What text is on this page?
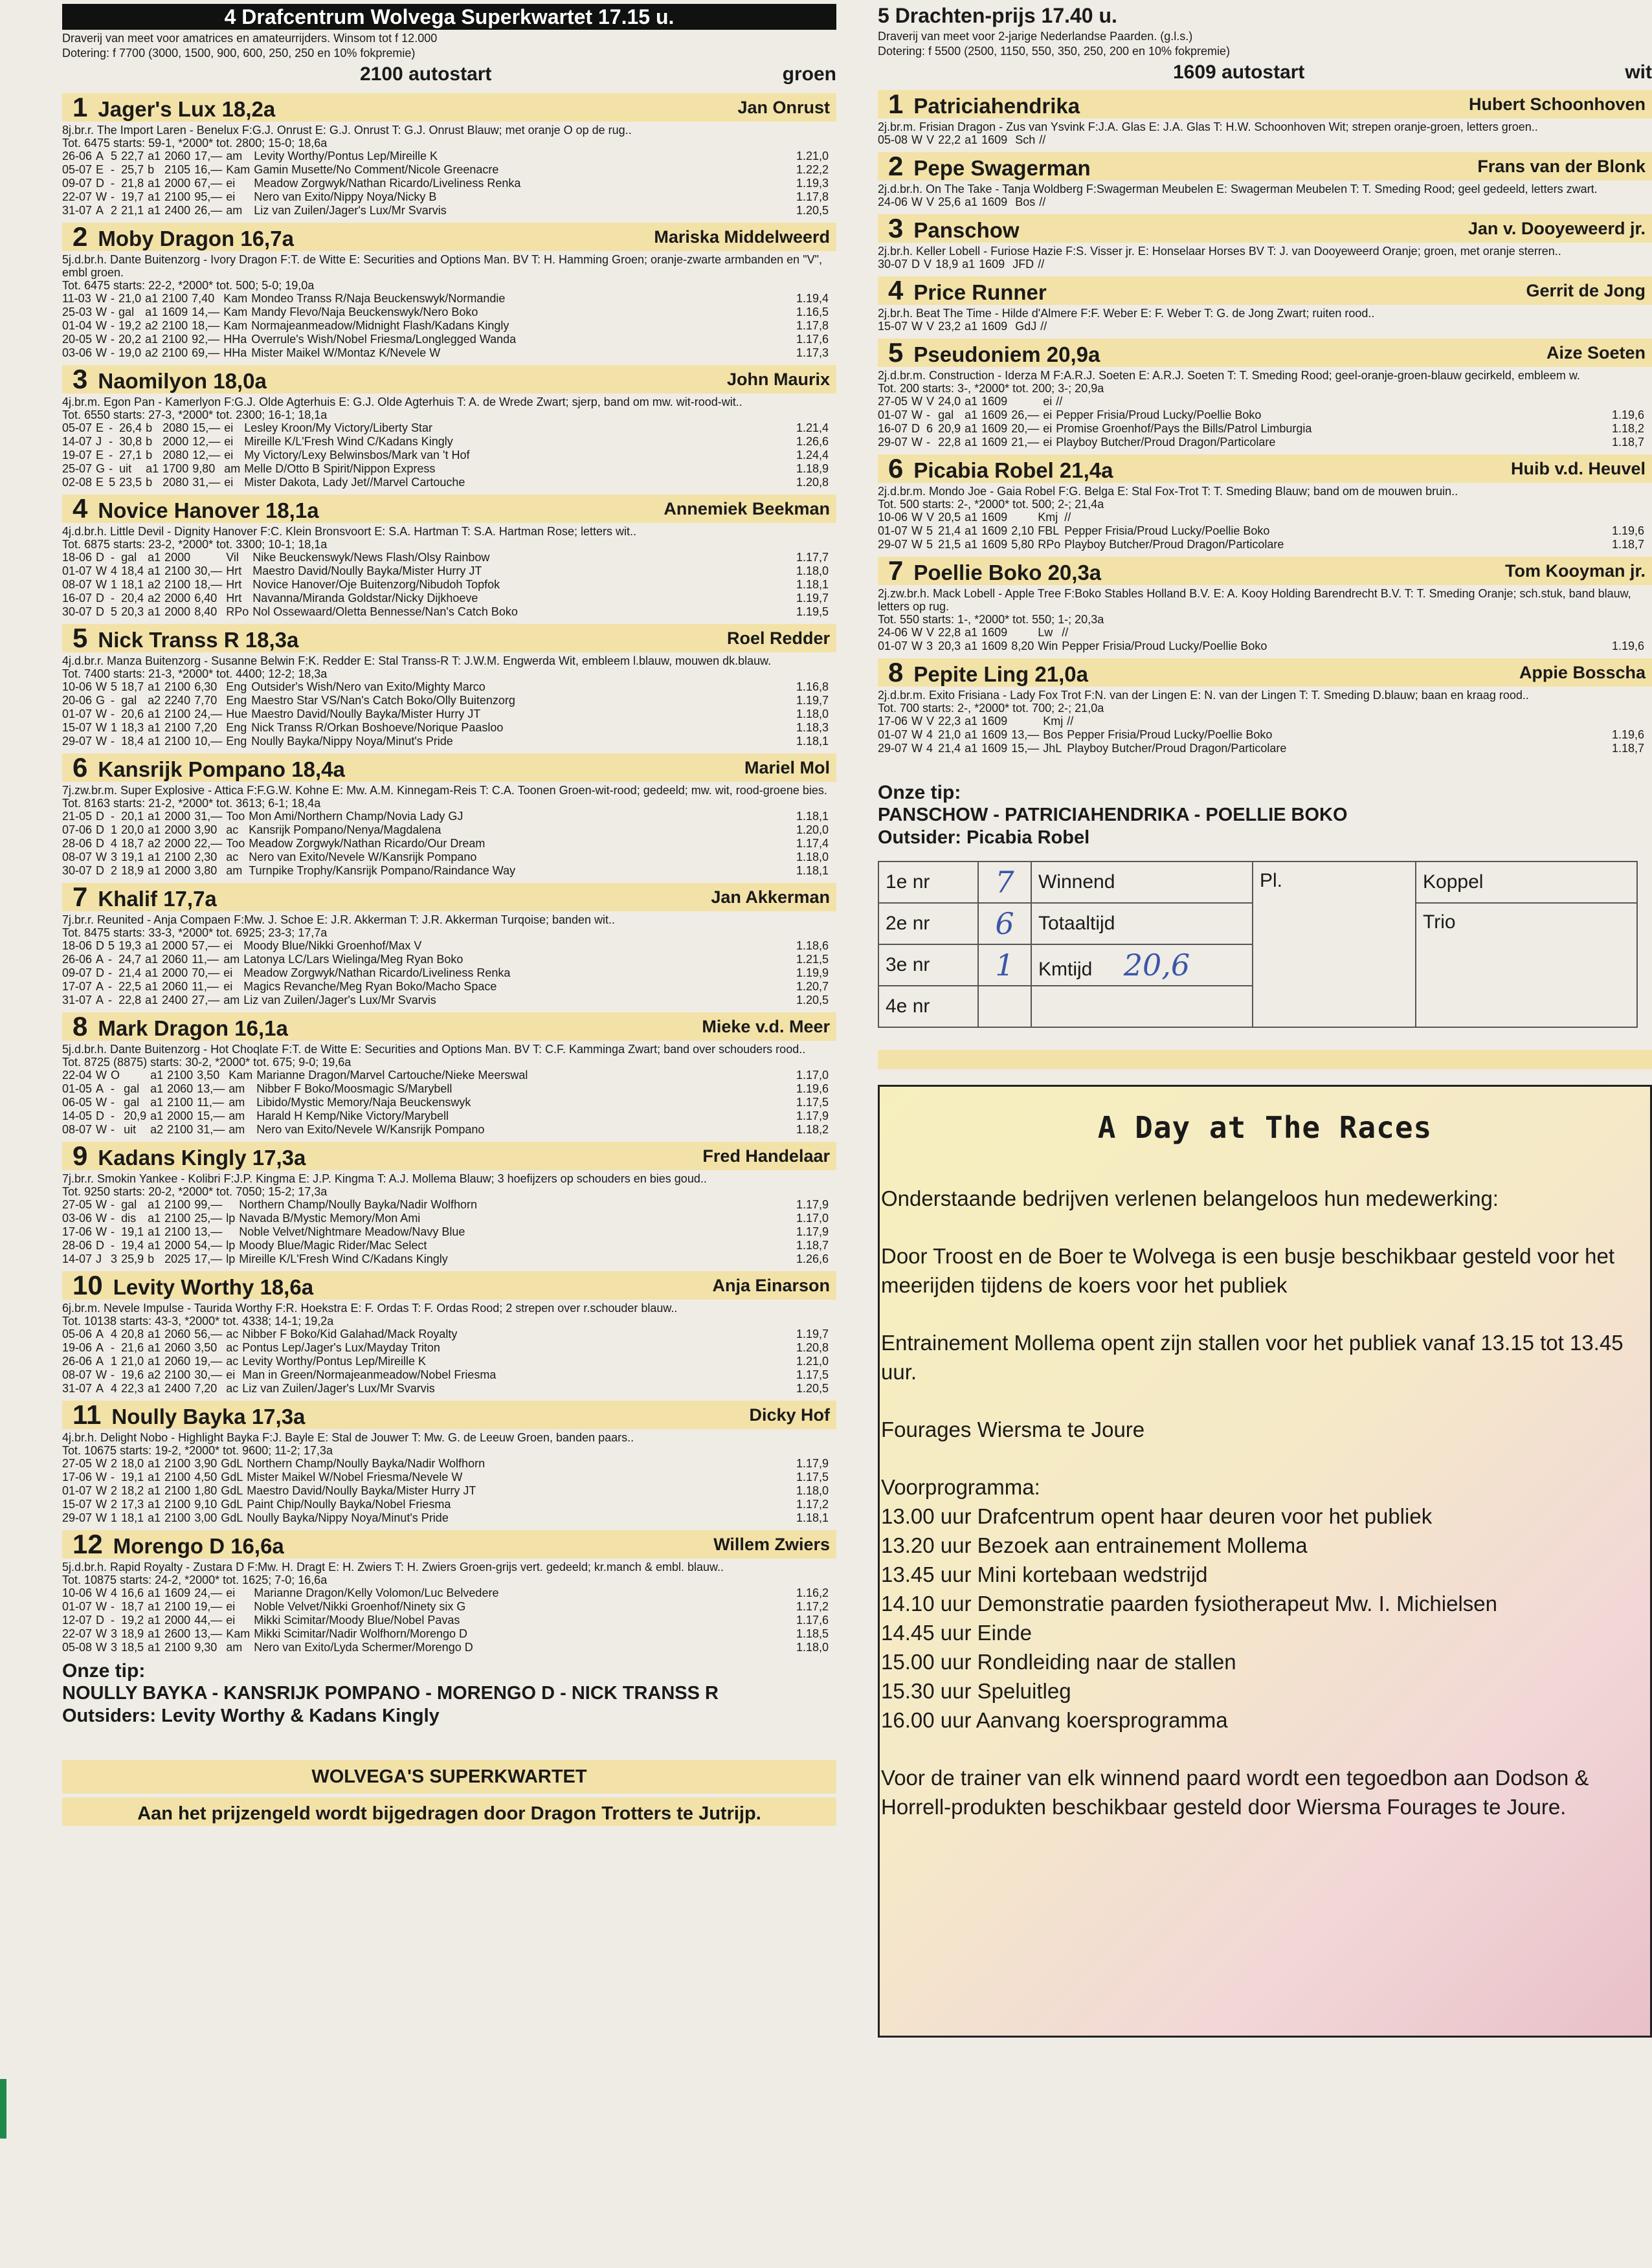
4 Drafcentrum Wolvega Superkwartet 17.15 u.
Draverij van meet voor amatrices en amateurrijders. Winsom tot f 12.000
Dotering: f 7700 (3000, 1500, 900, 600, 250, 250 en 10% fokpremie)
2100 autostart	groen
1 Jager's Lux 18,2a	Jan Onrust
8j.br.r. The Import Laren - Benelux F:G.J. Onrust E: G.J. Onrust T: G.J. Onrust Blauw; met oranje O op de rug..
Tot. 6475 starts: 59-1, *2000* tot. 2800; 15-0; 18,6a
26-06	A	5	22,7	a1	2060	17,—	am	Levity Worthy/Pontus Lep/Mireille K	1.21,0
05-07	E	-	25,7	b	2105	16,—	Kam	Gamin Musette/No Comment/Nicole Greenacre	1.22,2
09-07	D	-	21,8	a1	2000	67,—	ei	Meadow Zorgwyk/Nathan Ricardo/Liveliness Renka	1.19,3
22-07	W	-	19,7	a1	2100	95,—	ei	Nero van Exito/Nippy Noya/Nicky B	1.17,8
31-07	A	2	21,1	a1	2400	26,—	am	Liz van Zuilen/Jager's Lux/Mr Svarvis	1.20,5
2 Moby Dragon 16,7a	Mariska Middelweerd
5j.d.br.h. Dante Buitenzorg - Ivory Dragon F:T. de Witte E: Securities and Options Man. BV T: H. Hamming Groen; oranje-zwarte armbanden en "V", embl groen.
Tot. 6475 starts: 22-2, *2000* tot. 500; 5-0; 19,0a
11-03	W	-	21,0	a1	2100	7,40	Kam	Mondeo Transs R/Naja Beuckenswyk/Normandie	1.19,4
25-03	W	-	gal	a1	1609	14,—	Kam	Mandy Flevo/Naja Beuckenswyk/Nero Boko	1.16,5
01-04	W	-	19,2	a2	2100	18,—	Kam	Normajeanmeadow/Midnight Flash/Kadans Kingly	1.17,8
20-05	W	-	20,2	a1	2100	92,—	HHa	Overrule's Wish/Nobel Friesma/Longlegged Wanda	1.17,6
03-06	W	-	19,0	a2	2100	69,—	HHa	Mister Maikel W/Montaz K/Nevele W	1.17,3
3 Naomilyon 18,0a	John Maurix
4j.br.m. Egon Pan - Kamerlyon F:G.J. Olde Agterhuis E: G.J. Olde Agterhuis T: A. de Wrede Zwart; sjerp, band om mw. wit-rood-wit..
Tot. 6550 starts: 27-3, *2000* tot. 2300; 16-1; 18,1a
05-07	E	-	26,4	b	2080	15,—	ei	Lesley Kroon/My Victory/Liberty Star	1.21,4
14-07	J	-	30,8	b	2000	12,—	ei	Mireille K/L'Fresh Wind C/Kadans Kingly	1.26,6
19-07	E	-	27,1	b	2080	12,—	ei	My Victory/Lexy Belwinsbos/Mark van 't Hof	1.24,4
25-07	G	-	uit	a1	1700	9,80	am	Melle D/Otto B Spirit/Nippon Express	1.18,9
02-08	E	5	23,5	b	2080	31,—	ei	Mister Dakota, Lady Jet//Marvel Cartouche	1.20,8
4 Novice Hanover 18,1a	Annemiek Beekman
4j.d.br.h. Little Devil - Dignity Hanover F:C. Klein Bronsvoort E: S.A. Hartman T: S.A. Hartman Rose; letters wit..
Tot. 6875 starts: 23-2, *2000* tot. 3300; 10-1; 18,1a
18-06	D	-	gal	a1	2000		Vil	Nike Beuckenswyk/News Flash/Olsy Rainbow	1.17,7
01-07	W	4	18,4	a1	2100	30,—	Hrt	Maestro David/Noully Bayka/Mister Hurry JT	1.18,0
08-07	W	1	18,1	a2	2100	18,—	Hrt	Novice Hanover/Oje Buitenzorg/Nibudoh Topfok	1.18,1
16-07	D	-	20,4	a2	2000	6,40	Hrt	Navanna/Miranda Goldstar/Nicky Dijkhoeve	1.19,7
30-07	D	5	20,3	a1	2000	8,40	RPo	Nol Ossewaard/Oletta Bennesse/Nan's Catch Boko	1.19,5
5 Nick Transs R 18,3a	Roel Redder
4j.d.br.r. Manza Buitenzorg - Susanne Belwin F:K. Redder E: Stal Transs-R T: J.W.M. Engwerda Wit, embleem l.blauw, mouwen dk.blauw.
Tot. 7400 starts: 21-3, *2000* tot. 4400; 12-2; 18,3a
10-06	W	5	18,7	a1	2100	6,30	Eng	Outsider's Wish/Nero van Exito/Mighty Marco	1.16,8
20-06	G	-	gal	a2	2240	7,70	Eng	Maestro Star VS/Nan's Catch Boko/Olly Buitenzorg	1.19,7
01-07	W	-	20,6	a1	2100	24,—	Hue	Maestro David/Noully Bayka/Mister Hurry JT	1.18,0
15-07	W	1	18,3	a1	2100	7,20	Eng	Nick Transs R/Orkan Boshoeve/Norique Paasloo	1.18,3
29-07	W	-	18,4	a1	2100	10,—	Eng	Noully Bayka/Nippy Noya/Minut's Pride	1.18,1
6 Kansrijk Pompano 18,4a	Mariel Mol
7j.zw.br.m. Super Explosive - Attica F:F.G.W. Kohne E: Mw. A.M. Kinnegam-Reis T: C.A. Toonen Groen-wit-rood; gedeeld; mw. wit, rood-groene bies.
Tot. 8163 starts: 21-2, *2000* tot. 3613; 6-1; 18,4a
21-05	D	-	20,1	a1	2000	31,—	Too	Mon Ami/Northern Champ/Novia Lady GJ	1.18,1
07-06	D	1	20,0	a1	2000	3,90	ac	Kansrijk Pompano/Nenya/Magdalena	1.20,0
28-06	D	4	18,7	a2	2000	22,—	Too	Meadow Zorgwyk/Nathan Ricardo/Our Dream	1.17,4
08-07	W	3	19,1	a1	2100	2,30	ac	Nero van Exito/Nevele W/Kansrijk Pompano	1.18,0
30-07	D	2	18,9	a1	2000	3,80	am	Turnpike Trophy/Kansrijk Pompano/Raindance Way	1.18,1
7 Khalif 17,7a	Jan Akkerman
7j.br.r. Reunited - Anja Compaen F:Mw. J. Schoe E: J.R. Akkerman T: J.R. Akkerman Turqoise; banden wit..
Tot. 8475 starts: 33-3, *2000* tot. 6925; 23-3; 17,7a
18-06	D	5	19,3	a1	2000	57,—	ei	Moody Blue/Nikki Groenhof/Max V	1.18,6
26-06	A	-	24,7	a1	2060	11,—	am	Latonya LC/Lars Wielinga/Meg Ryan Boko	1.21,5
09-07	D	-	21,4	a1	2000	70,—	ei	Meadow Zorgwyk/Nathan Ricardo/Liveliness Renka	1.19,9
17-07	A	-	22,5	a1	2060	11,—	ei	Magics Revanche/Meg Ryan Boko/Macho Space	1.20,7
31-07	A	-	22,8	a1	2400	27,—	am	Liz van Zuilen/Jager's Lux/Mr Svarvis	1.20,5
8 Mark Dragon 16,1a	Mieke v.d. Meer
5j.d.br.h. Dante Buitenzorg - Hot Choqlate F:T. de Witte E: Securities and Options Man. BV T: C.F. Kamminga Zwart; band over schouders rood..
Tot. 8725 (8875) starts: 30-2, *2000* tot. 675; 9-0; 19,6a
22-04	W	O		a1	2100	3,50	Kam	Marianne Dragon/Marvel Cartouche/Nieke Meerswal	1.17,0
01-05	A	-	gal	a1	2060	13,—	am	Nibber F Boko/Moosmagic S/Marybell	1.19,6
06-05	W	-	gal	a1	2100	11,—	am	Libido/Mystic Memory/Naja Beuckenswyk	1.17,5
14-05	D	-	20,9	a1	2000	15,—	am	Harald H Kemp/Nike Victory/Marybell	1.17,9
08-07	W	-	uit	a2	2100	31,—	am	Nero van Exito/Nevele W/Kansrijk Pompano	1.18,2
9 Kadans Kingly 17,3a	Fred Handelaar
7j.br.r. Smokin Yankee - Kolibri F:J.P. Kingma E: J.P. Kingma T: A.J. Mollema Blauw; 3 hoefijzers op schouders en bies goud..
Tot. 9250 starts: 20-2, *2000* tot. 7050; 15-2; 17,3a
27-05	W	-	gal	a1	2100	99,—		Northern Champ/Noully Bayka/Nadir Wolfhorn	1.17,9
03-06	W	-	dis	a1	2100	25,—	lp	Navada B/Mystic Memory/Mon Ami	1.17,0
17-06	W	-	19,1	a1	2100	13,—		Noble Velvet/Nightmare Meadow/Navy Blue	1.17,9
28-06	D	-	19,4	a1	2000	54,—	lp	Moody Blue/Magic Rider/Mac Select	1.18,7
14-07	J	3	25,9	b	2025	17,—	lp	Mireille K/L'Fresh Wind C/Kadans Kingly	1.26,6
10 Levity Worthy 18,6a	Anja Einarson
6j.br.m. Nevele Impulse - Taurida Worthy F:R. Hoekstra E: F. Ordas T: F. Ordas Rood; 2 strepen over r.schouder blauw..
Tot. 10138 starts: 43-3, *2000* tot. 4338; 14-1; 19,2a
05-06	A	4	20,8	a1	2060	56,—	ac	Nibber F Boko/Kid Galahad/Mack Royalty	1.19,7
19-06	A	-	21,6	a1	2060	3,50	ac	Pontus Lep/Jager's Lux/Mayday Triton	1.20,8
26-06	A	1	21,0	a1	2060	19,—	ac	Levity Worthy/Pontus Lep/Mireille K	1.21,0
08-07	W	-	19,6	a2	2100	30,—	ei	Man in Green/Normajeanmeadow/Nobel Friesma	1.17,5
31-07	A	4	22,3	a1	2400	7,20	ac	Liz van Zuilen/Jager's Lux/Mr Svarvis	1.20,5
11 Noully Bayka 17,3a	Dicky Hof
4j.br.h. Delight Nobo - Highlight Bayka F:J. Bayle E: Stal de Jouwer T: Mw. G. de Leeuw Groen, banden paars..
Tot. 10675 starts: 19-2, *2000* tot. 9600; 11-2; 17,3a
27-05	W	2	18,0	a1	2100	3,90	GdL	Northern Champ/Noully Bayka/Nadir Wolfhorn	1.17,9
17-06	W	-	19,1	a1	2100	4,50	GdL	Mister Maikel W/Nobel Friesma/Nevele W	1.17,5
01-07	W	2	18,2	a1	2100	1,80	GdL	Maestro David/Noully Bayka/Mister Hurry JT	1.18,0
15-07	W	2	17,3	a1	2100	9,10	GdL	Paint Chip/Noully Bayka/Nobel Friesma	1.17,2
29-07	W	1	18,1	a1	2100	3,00	GdL	Noully Bayka/Nippy Noya/Minut's Pride	1.18,1
12 Morengo D 16,6a	Willem Zwiers
5j.d.br.h. Rapid Royalty - Zustara D F:Mw. H. Dragt E: H. Zwiers T: H. Zwiers Groen-grijs vert. gedeeld; kr.manch & embl. blauw..
Tot. 10875 starts: 24-2, *2000* tot. 1625; 7-0; 16,6a
10-06	W	4	16,6	a1	1609	24,—	ei	Marianne Dragon/Kelly Volomon/Luc Belvedere	1.16,2
01-07	W	-	18,7	a1	2100	19,—	ei	Noble Velvet/Nikki Groenhof/Ninety six G	1.17,2
12-07	D	-	19,2	a1	2000	44,—	ei	Mikki Scimitar/Moody Blue/Nobel Pavas	1.17,6
22-07	W	3	18,9	a1	2600	13,—	Kam	Mikki Scimitar/Nadir Wolfhorn/Morengo D	1.18,5
05-08	W	3	18,5	a1	2100	9,30	am	Nero van Exito/Lyda Schermer/Morengo D	1.18,0
Onze tip:
NOULLY BAYKA - KANSRIJK POMPANO - MORENGO D - NICK TRANSS R
Outsiders: Levity Worthy & Kadans Kingly
WOLVEGA'S SUPERKWARTET
Aan het prijzengeld wordt bijgedragen door Dragon Trotters te Jutrijp.
5 Drachten-prijs 17.40 u.
Draverij van meet voor 2-jarige Nederlandse Paarden. (g.l.s.)
Dotering: f 5500 (2500, 1150, 550, 350, 250, 200 en 10% fokpremie)
1609 autostart	wit
1 Patriciahendrika	Hubert Schoonhoven
2j.br.m. Frisian Dragon - Zus van Ysvink F:J.A. Glas E: J.A. Glas T: H.W. Schoonhoven Wit; strepen oranje-groen, letters groen..
05-08	W	V	22,2	a1	1609		Sch	//	
2 Pepe Swagerman	Frans van der Blonk
2j.d.br.h. On The Take - Tanja Woldberg F:Swagerman Meubelen E: Swagerman Meubelen T: T. Smeding Rood; geel gedeeld, letters zwart.
24-06	W	V	25,6	a1	1609		Bos	//	
3 Panschow	Jan v. Dooyeweerd jr.
2j.br.h. Keller Lobell - Furiose Hazie F:S. Visser jr. E: Honselaar Horses BV T: J. van Dooyeweerd Oranje; groen, met oranje sterren..
30-07	D	V	18,9	a1	1609		JFD	//	
4 Price Runner	Gerrit de Jong
2j.br.h. Beat The Time - Hilde d'Almere F:F. Weber E: F. Weber T: G. de Jong Zwart; ruiten rood..
15-07	W	V	23,2	a1	1609		GdJ	//	
5 Pseudoniem 20,9a	Aize Soeten
2j.d.br.m. Construction - Iderza M F:A.R.J. Soeten E: A.R.J. Soeten T: T. Smeding Rood; geel-oranje-groen-blauw gecirkeld, embleem w.
Tot. 200 starts: 3-, *2000* tot. 200; 3-; 20,9a
27-05	W	V	24,0	a1	1609		ei	//	
01-07	W	-	gal	a1	1609	26,—	ei	Pepper Frisia/Proud Lucky/Poellie Boko	1.19,6
16-07	D	6	20,9	a1	1609	20,—	ei	Promise Groenhof/Pays the Bills/Patrol Limburgia	1.18,2
29-07	W	-	22,8	a1	1609	21,—	ei	Playboy Butcher/Proud Dragon/Particolare	1.18,7
6 Picabia Robel 21,4a	Huib v.d. Heuvel
2j.d.br.m. Mondo Joe - Gaia Robel F:G. Belga E: Stal Fox-Trot T: T. Smeding Blauw; band om de mouwen bruin..
Tot. 500 starts: 2-, *2000* tot. 500; 2-; 21,4a
10-06	W	V	20,5	a1	1609		Kmj	//	
01-07	W	5	21,4	a1	1609	2,10	FBL	Pepper Frisia/Proud Lucky/Poellie Boko	1.19,6
29-07	W	5	21,5	a1	1609	5,80	RPo	Playboy Butcher/Proud Dragon/Particolare	1.18,7
7 Poellie Boko 20,3a	Tom Kooyman jr.
2j.zw.br.h. Mack Lobell - Apple Tree F:Boko Stables Holland B.V. E: A. Kooy Holding Barendrecht B.V. T: T. Smeding Oranje; sch.stuk, band blauw, letters op rug.
Tot. 550 starts: 1-, *2000* tot. 550; 1-; 20,3a
24-06	W	V	22,8	a1	1609		Lw	//	
01-07	W	3	20,3	a1	1609	8,20	Win	Pepper Frisia/Proud Lucky/Poellie Boko	1.19,6
8 Pepite Ling 21,0a	Appie Bosscha
2j.d.br.m. Exito Frisiana - Lady Fox Trot F:N. van der Lingen E: N. van der Lingen T: T. Smeding D.blauw; baan en kraag rood..
Tot. 700 starts: 2-, *2000* tot. 700; 2-; 21,0a
17-06	W	V	22,3	a1	1609		Kmj	//	
01-07	W	4	21,0	a1	1609	13,—	Bos	Pepper Frisia/Proud Lucky/Poellie Boko	1.19,6
29-07	W	4	21,4	a1	1609	15,—	JhL	Playboy Butcher/Proud Dragon/Particolare	1.18,7
Onze tip:
PANSCHOW - PATRICIAHENDRIKA - POELLIE BOKO
Outsider: Picabia Robel
1e nr	7	Winnend	Pl.	Koppel
2e nr	6	Totaaltijd		Trio
3e nr	1	Kmtijd 20,6		
4e nr				
A Day at The Races

Onderstaande bedrijven verlenen belangeloos hun medewerking:

Door Troost en de Boer te Wolvega is een busje beschikbaar gesteld voor het meerijden tijdens de koers voor het publiek

Entrainement Mollema opent zijn stallen voor het publiek vanaf 13.15 tot 13.45 uur.

Fourages Wiersma te Joure

Voorprogramma:
13.00 uur Drafcentrum opent haar deuren voor het publiek
13.20 uur Bezoek aan entrainement Mollema
13.45 uur Mini kortebaan wedstrijd
14.10 uur Demonstratie paarden fysiotherapeut Mw. I. Michielsen
14.45 uur Einde
15.00 uur Rondleiding naar de stallen
15.30 uur Speluitleg
16.00 uur Aanvang koersprogramma

Voor de trainer van elk winnend paard wordt een tegoedbon aan Dodson & Horrell-produkten beschikbaar gesteld door Wiersma Fourages te Joure.
